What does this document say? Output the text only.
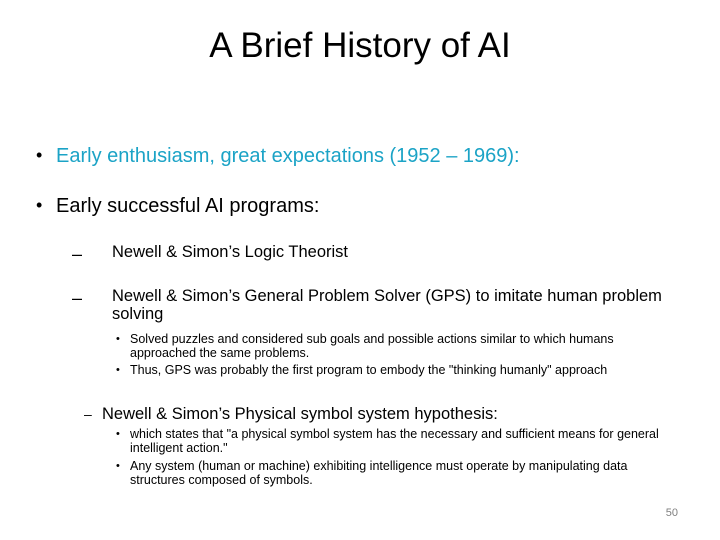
A Brief History of AI
• Early enthusiasm, great expectations (1952 – 1969):
• Early successful AI programs:
–	Newell & Simon’s Logic Theorist
–	Newell & Simon’s General Problem Solver (GPS) to imitate human problem solving
• Solved puzzles and considered sub goals and possible actions similar to which humans approached the same problems.
• Thus, GPS was probably the first program to embody the "thinking humanly" approach
– Newell & Simon’s Physical symbol system hypothesis:
• which states that "a physical symbol system has the necessary and sufficient means for general intelligent action."
• Any system (human or machine) exhibiting intelligence must operate by manipulating data structures composed of symbols.
50
